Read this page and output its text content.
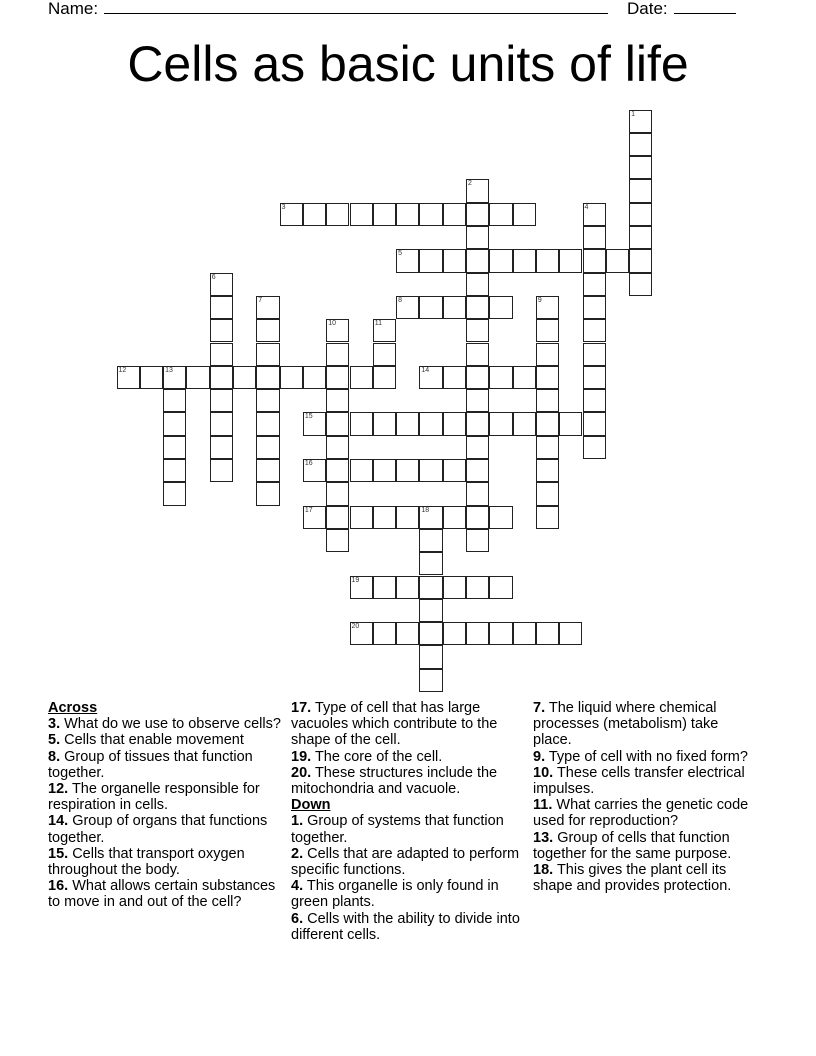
Name:	Date:
Cells as basic units of life
1
2
3	4
5
6
7	8	9
10	11
12	13	14
15
16
17	18
19
20
Across

3. What do we use to observe cells?

5. Cells that enable movement

8. Group of tissues that function together.

12. The organelle responsible for respiration in cells.

14. Group of organs that functions together.

15. Cells that transport oxygen throughout the body.

16. What allows certain substances to move in and out of the cell?

17. Type of cell that has large vacuoles which contribute to the shape of the cell.

19. The core of the cell.

20. These structures include the mitochondria and vacuole.

Down

1. Group of systems that function together.

2. Cells that are adapted to perform specific functions.

4. This organelle is only found in green plants.

6. Cells with the ability to divide into different cells.

7. The liquid where chemical processes (metabolism) take place.

9. Type of cell with no fixed form?

10. These cells transfer electrical impulses.

11. What carries the genetic code used for reproduction?

13. Group of cells that function together for the same purpose.

18. This gives the plant cell its shape and provides protection.
